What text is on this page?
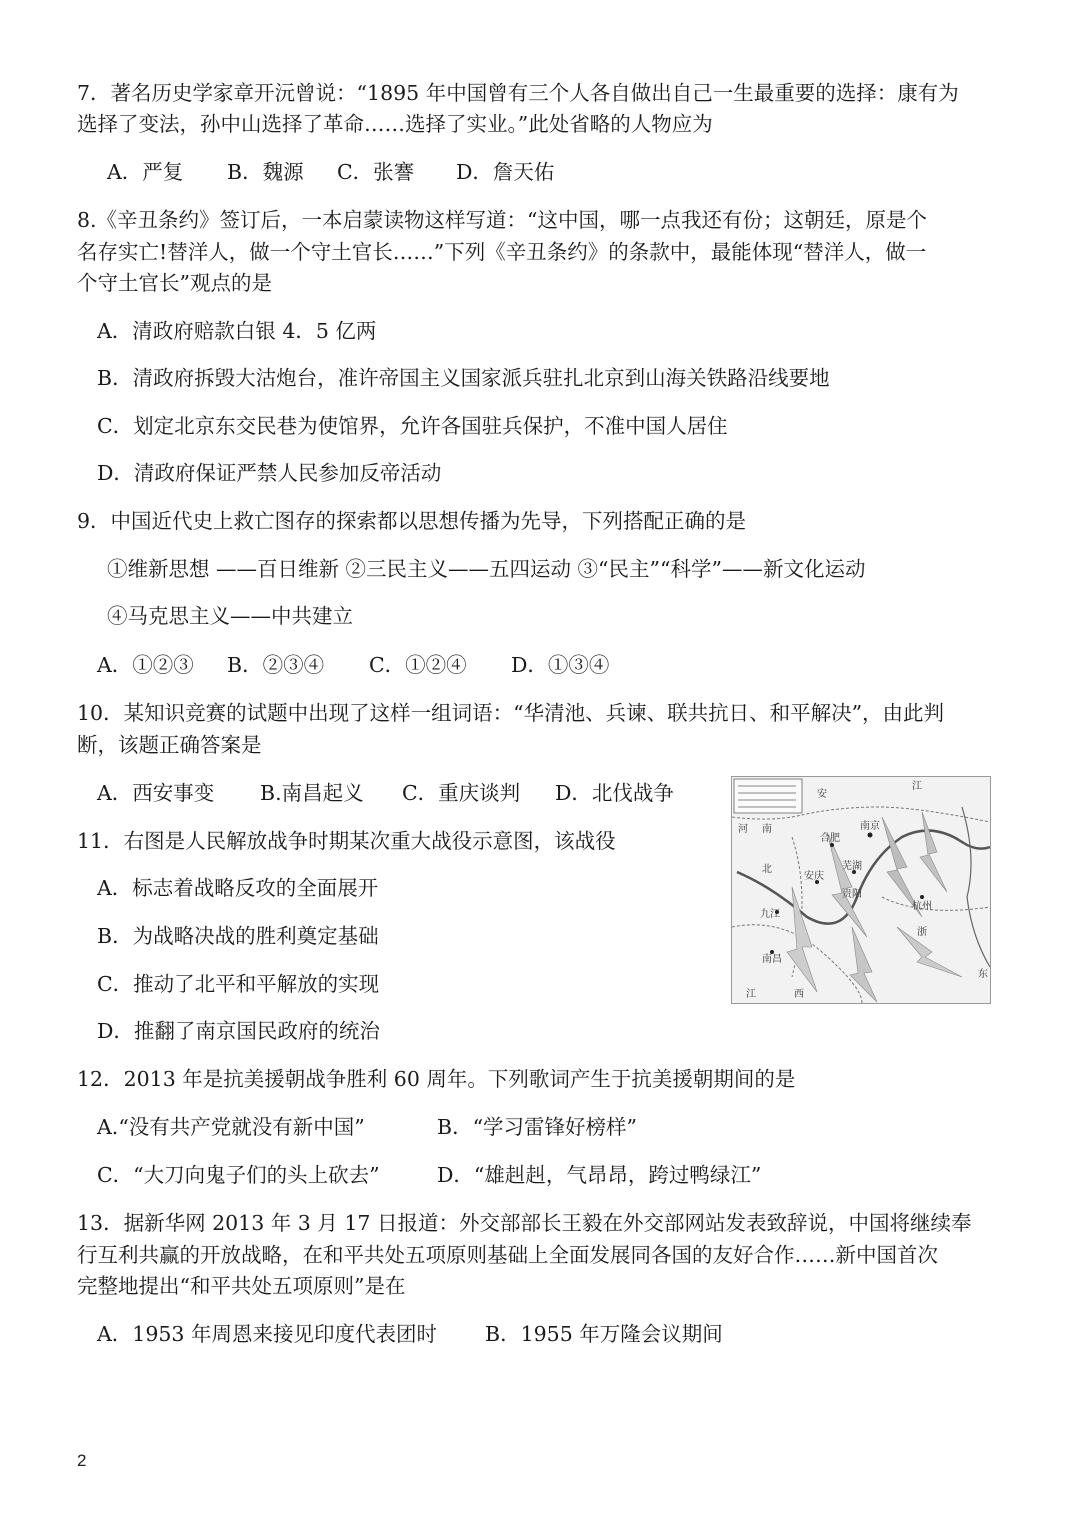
7．著名历史学家章开沅曾说：“1895 年中国曾有三个人各自做出自己一生最重要的选择：康有为
选择了变法，孙中山选择了革命……选择了实业。”此处省略的人物应为
A．严复 B．魏源 C．张謇 D．詹天佑
8.《辛丑条约》签订后，一本启蒙读物这样写道：“这中国，哪一点我还有份；这朝廷，原是个
名存实亡!替洋人，做一个守土官长……”下列《辛丑条约》的条款中，最能体现“替洋人，做一
个守土官长”观点的是
A．清政府赔款白银 4．5 亿两
B．清政府拆毁大沽炮台，准许帝国主义国家派兵驻扎北京到山海关铁路沿线要地
C．划定北京东交民巷为使馆界，允许各国驻兵保护，不准中国人居住
D．清政府保证严禁人民参加反帝活动
9．中国近代史上救亡图存的探索都以思想传播为先导，下列搭配正确的是
①维新思想 ——百日维新 ②三民主义——五四运动 ③“民主”“科学”——新文化运动
④马克思主义——中共建立
A．①②③ B．②③④ C．①②④ D．①③④
10．某知识竞赛的试题中出现了这样一组词语：“华清池、兵谏、联共抗日、和平解决”，由此判
断，该题正确答案是
A．西安事变 B.南昌起义 C．重庆谈判 D．北伐战争
11．右图是人民解放战争时期某次重大战役示意图，该战役
A．标志着战略反攻的全面展开
B．为战略决战的胜利奠定基础
C．推动了北平和平解放的实现
D．推翻了南京国民政府的统治
安
江
河 南	南京
合肥
芜湖
安庆
北
贵阳
杭州
浙
九江
南昌
江	西
东
12．2013 年是抗美援朝战争胜利 60 周年。下列歌词产生于抗美援朝期间的是
A.“没有共产党就没有新中国”	B．“学习雷锋好榜样”
C．“大刀向鬼子们的头上砍去”	D．“雄赳赳，气昂昂，跨过鸭绿江”
13．据新华网 2013 年 3 月 17 日报道：外交部部长王毅在外交部网站发表致辞说，中国将继续奉
行互利共赢的开放战略，在和平共处五项原则基础上全面发展同各国的友好合作……新中国首次
完整地提出“和平共处五项原则”是在
A．1953 年周恩来接见印度代表团时 B．1955 年万隆会议期间
2
